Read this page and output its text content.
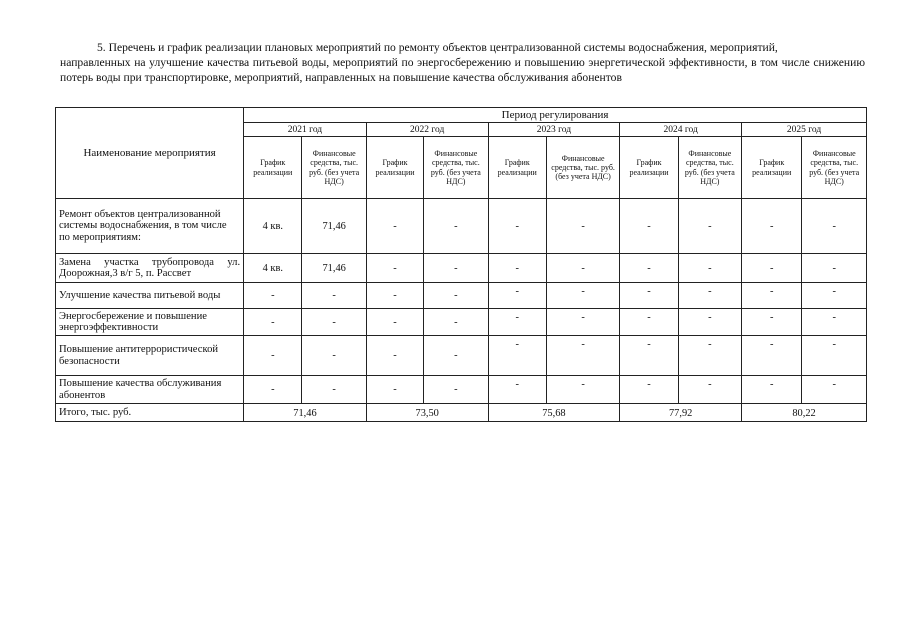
5. Перечень и график реализации плановых мероприятий по ремонту объектов централизованной системы водоснабжения, мероприятий,
направленных на улучшение качества питьевой воды, мероприятий по энергосбережению и повышению энергетической эффективности, в том числе снижению потерь воды при транспортировке, мероприятий, направленных на повышение качества обслуживания абонентов
Наименование мероприятия	Период регулирования									
	2021 год		2022 год		2023 год		2024 год		2025 год	
	График реализации	Финансовые средства, тыс. руб. (без учета НДС)	График реализации	Финансовые средства, тыс. руб. (без учета НДС)	График реализации	Финансовые средства, тыс. руб. (без учета НДС)	График реализации	Финансовые средства, тыс. руб. (без учета НДС)	График реализации	Финансовые средства, тыс. руб. (без учета НДС)
Ремонт объектов централизованной системы водоснабжения, в том числе по мероприятиям:	4 кв.	71,46	-	-	-	-	-	-	-	-
Замена участка трубопровода ул. Доорожная,3 в/г 5, п. Рассвет	4 кв.	71,46	-	-	-	-	-	-	-	-
Улучшение качества питьевой воды	-	-	-	-	-	-	-	-	-	-
Энергосбережение и повышение энергоэффективности	-	-	-	-	-	-	-	-	-	-
Повышение антитеррористической безопасности	-	-	-	-	-	-	-	-	-	-
Повышение качества обслуживания абонентов	-	-	-	-	-	-	-	-	-	-
Итого, тыс. руб.	71,46		73,50		75,68		77,92		80,22	
